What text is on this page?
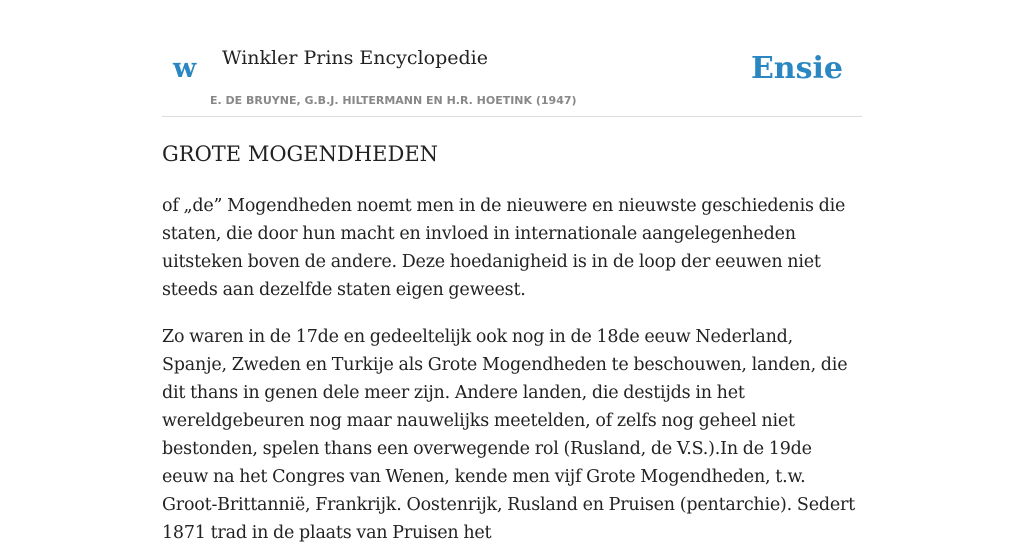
w Winkler Prins Encyclopedie
E. DE BRUYNE, G.B.J. HILTERMANN EN H.R. HOETINK (1947)
Ensie
GROTE MOGENDHEDEN

of „de” Mogendheden noemt men in de nieuwere en nieuwste geschiedenis die staten, die door hun macht en invloed in internationale aangelegenheden uitsteken boven de andere. Deze hoedanigheid is in de loop der eeuwen niet steeds aan dezelfde staten eigen geweest.

Zo waren in de 17de en gedeeltelijk ook nog in de 18de eeuw Nederland, Spanje, Zweden en Turkije als Grote Mogendheden te beschouwen, landen, die dit thans in genen dele meer zijn. Andere landen, die destijds in het wereldgebeuren nog maar nauwelijks meetelden, of zelfs nog geheel niet bestonden, spelen thans een overwegende rol (Rusland, de V.S.).In de 19de eeuw na het Congres van Wenen, kende men vijf Grote Mogendheden, t.w. Groot-Brittannië, Frankrijk. Oostenrijk, Rusland en Pruisen (pentarchie). Sedert 1871 trad in de plaats van Pruisen het
